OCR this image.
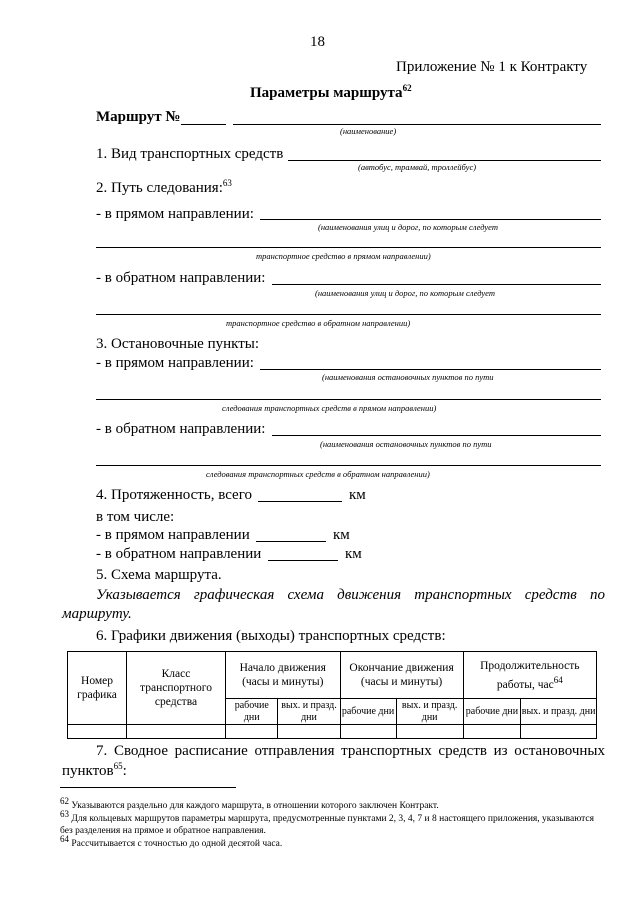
18
Приложение № 1 к Контракту
Параметры маршрута$^{62}$
Маршрут №
(наименование)
1. Вид транспортных средств
(автобус, трамвай, троллейбус)
2. Путь следования:$^{63}$
- в прямом направлении:
(наименования улиц и дорог, по которым следует
транспортное средство в прямом направлении)
- в обратном направлении:
(наименования улиц и дорог, по которым следует
транспортное средство в обратном направлении)
3. Остановочные пункты:
- в прямом направлении:
(наименования остановочных пунктов по пути
следования транспортных средств в прямом направлении)
- в обратном направлении:
(наименования остановочных пунктов по пути
следования транспортных средств в обратном направлении)
4. Протяженность, всего	км
в том числе:
- в прямом направлении	км
- в обратном направлении	км
5. Схема маршрута.
Указывается графическая схема движения транспортных средств по
маршруту.
6. Графики движения (выходы) транспортных средств:
Номер графика	Класс транспортного средства	Начало движения (часы и минуты)		Окончание движения (часы и минуты)		Продолжительность работы, час$^{64}$
		рабочие дни	вых. и празд. дни	рабочие дни	вых. и празд. дни	рабочие дни	вых. и празд. дни

7. Сводное расписание отправления транспортных средств из остановочных
пунктов$^{65}$:
$^{62}$ Указываются раздельно для каждого маршрута, в отношении которого заключен Контракт.
$^{63}$ Для кольцевых маршрутов параметры маршрута, предусмотренные пунктами 2, 3, 4, 7 и 8 настоящего приложения, указываются без разделения на прямое и обратное направления.
$^{64}$ Рассчитывается с точностью до одной десятой часа.
